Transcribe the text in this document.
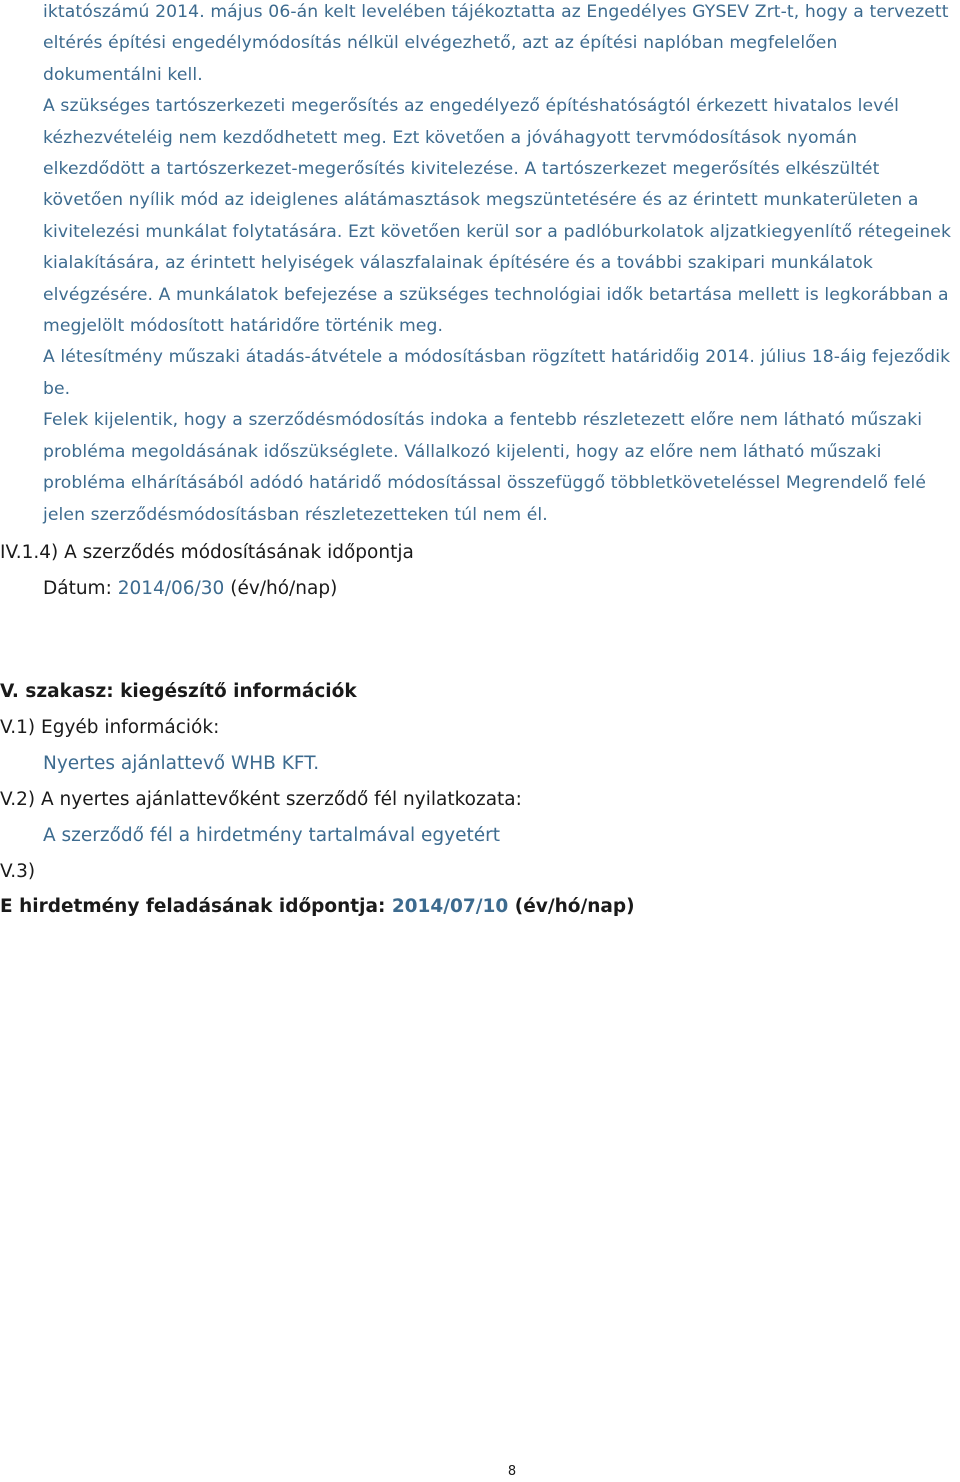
iktatószámú 2014. május 06-án kelt levelében tájékoztatta az Engedélyes GYSEV Zrt-t, hogy a tervezett eltérés építési engedélymódosítás nélkül elvégezhető, azt az építési naplóban megfelelően dokumentálni kell.

A szükséges tartószerkezeti megerősítés az engedélyező építéshatóságtól érkezett hivatalos levél kézhezvételéig nem kezdődhetett meg. Ezt követően a jóváhagyott tervmódosítások nyomán elkezdődött a tartószerkezet-megerősítés kivitelezése. A tartószerkezet megerősítés elkészültét követően nyílik mód az ideiglenes alátámasztások megszüntetésére és az érintett munkaterületen a kivitelezési munkálat folytatására. Ezt követően kerül sor a padlóburkolatok aljzatkiegyenlítő rétegeinek kialakítására, az érintett helyiségek válaszfalainak építésére és a további szakipari munkálatok elvégzésére. A munkálatok befejezése a szükséges technológiai idők betartása mellett is legkorábban a megjelölt módosított határidőre történik meg.

A létesítmény műszaki átadás-átvétele a módosításban rögzített határidőig 2014. július 18-áig fejeződik be.

Felek kijelentik, hogy a szerződésmódosítás indoka a fentebb részletezett előre nem látható műszaki probléma megoldásának időszükséglete. Vállalkozó kijelenti, hogy az előre nem látható műszaki probléma elhárításából adódó határidő módosítással összefüggő többletköveteléssel Megrendelő felé jelen szerződésmódosításban részletezetteken túl nem él.

IV.1.4) A szerződés módosításának időpontja
Dátum: 2014/06/30 (év/hó/nap)
V. szakasz: kiegészítő információk
V.1) Egyéb információk:
Nyertes ajánlattevő WHB KFT.
V.2) A nyertes ajánlattevőként szerződő fél nyilatkozata:
A szerződő fél a hirdetmény tartalmával egyetért
V.3)
E hirdetmény feladásának időpontja: 2014/07/10 (év/hó/nap)
8
